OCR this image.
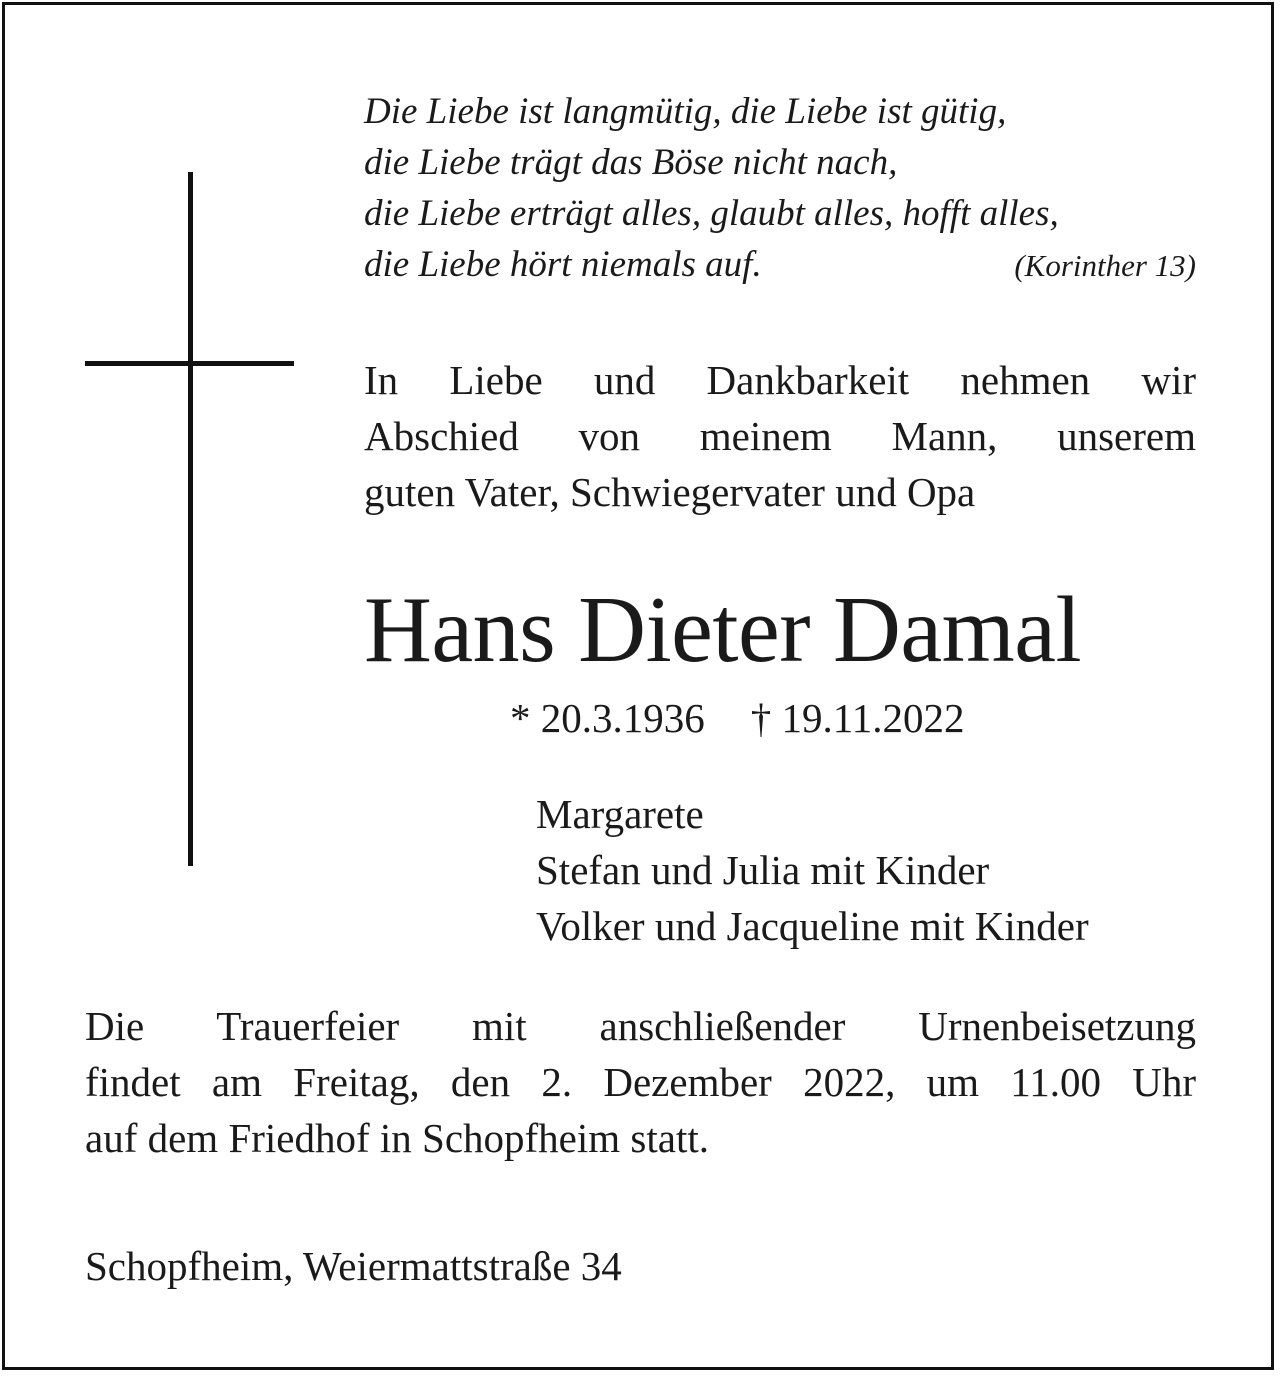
Die Liebe ist langmütig, die Liebe ist gütig,
die Liebe trägt das Böse nicht nach,
die Liebe erträgt alles, glaubt alles, hofft alles,
die Liebe hört niemals auf.	(Korinther 13)
In Liebe und Dankbarkeit nehmen wir
Abschied von meinem Mann, unserem
guten Vater, Schwiegervater und Opa
Hans Dieter Damal
* 20.3.1936 † 19.11.2022
Margarete
Stefan und Julia mit Kinder
Volker und Jacqueline mit Kinder
Die Trauerfeier mit anschließender Urnenbeisetzung
findet am Freitag, den 2. Dezember 2022, um 11.00 Uhr
auf dem Friedhof in Schopfheim statt.
Schopfheim, Weiermattstraße 34
